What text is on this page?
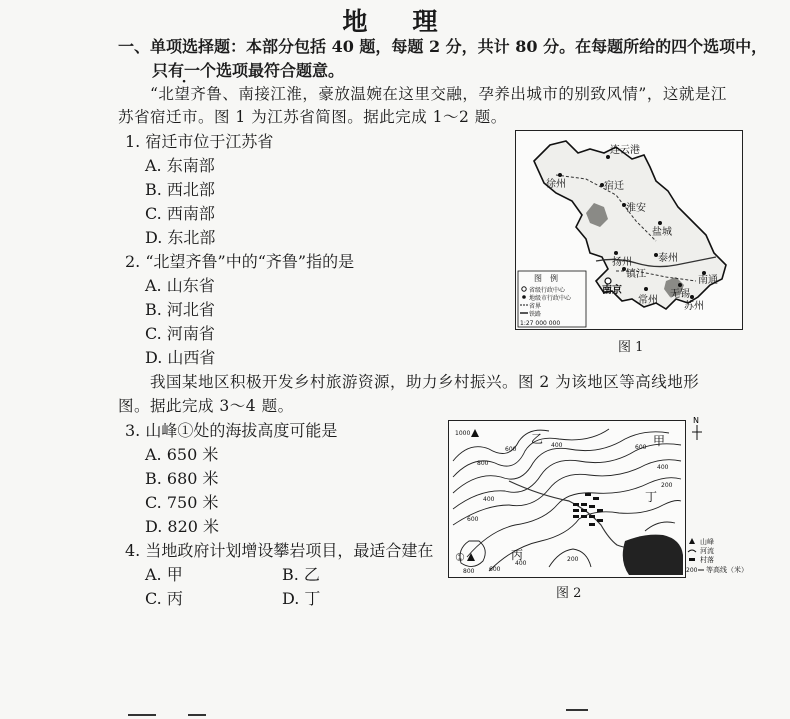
地　理
一、单项选择题：本部分包括 40 题，每题 2 分，共计 80 分。在每题所给的四个选项中，
只有一个选项最符合题意。
“北望齐鲁、南接江淮，豪放温婉在这里交融，孕养出城市的别致风情”，这就是江
苏省宿迁市。图 1 为江苏省简图。据此完成 1～2 题。
1. 宿迁市位于江苏省
A. 东南部
B. 西北部
C. 西南部
D. 东北部
2. “北望齐鲁”中的“齐鲁”指的是
A. 山东省
B. 河北省
C. 河南省
D. 山西省
连云港
徐州	宿迁
淮安
盐城
扬州	泰州
镇江
南京
南通
常州
无锡
苏州
图　例
省级行政中心
地级市行政中心
省界
铁路
1:27 000 000
图 1
我国某地区积极开发乡村旅游资源，助力乡村振兴。图 2 为该地区等高线地形
图。据此完成 3～4 题。
3. 山峰①处的海拔高度可能是
A. 650 米
B. 680 米
C. 750 米
D. 820 米
4. 当地政府计划增设攀岩项目，最适合建在
A. 甲	B. 乙
C. 丙	D. 丁
乙	甲
丁
丙
①
1000
800
600
400	600
400
200
400
200
600
400
600
800
N
山峰
河流
村落
200 等高线（米）
图 2
